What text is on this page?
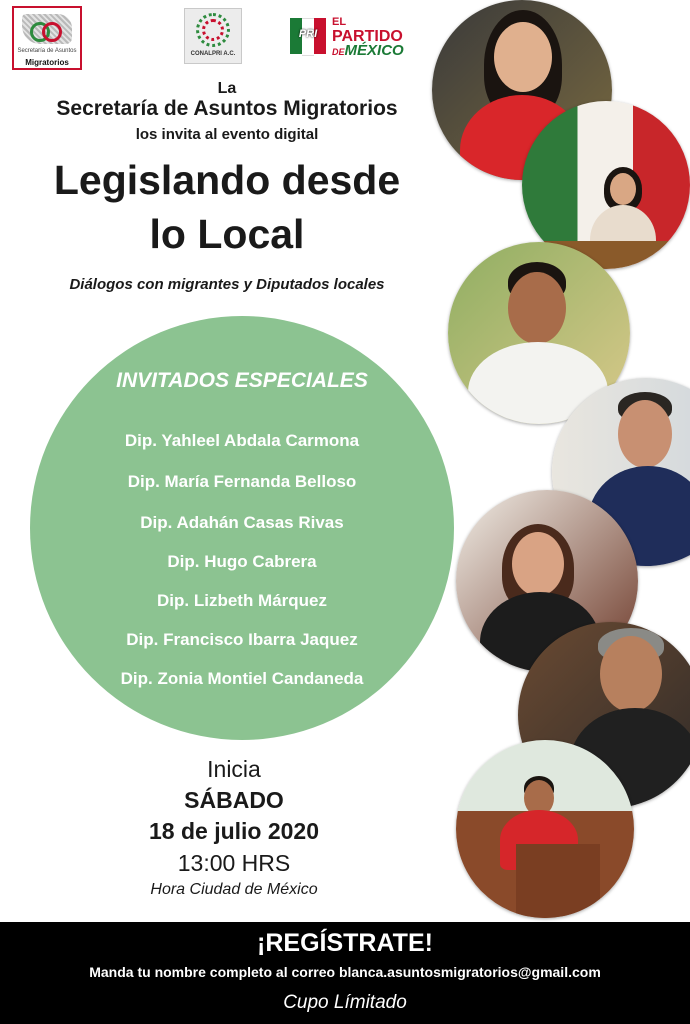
Secretaría de Asuntos
Migratorios
CONALPRI A.C.
PRI
EL
PARTIDO
DEMÉXICO
La
Secretaría de Asuntos Migratorios
los invita al evento digital
Legislando desde
lo Local
Diálogos con migrantes y Diputados locales
INVITADOS ESPECIALES
Dip. Yahleel Abdala Carmona
Dip. María Fernanda Belloso
Dip. Adahán Casas Rivas
Dip. Hugo Cabrera
Dip. Lizbeth Márquez
Dip. Francisco Ibarra Jaquez
Dip. Zonia Montiel Candaneda
Inicia
SÁBADO
18 de julio 2020
13:00 HRS
Hora Ciudad de México
¡REGÍSTRATE!
Manda tu nombre completo al correo blanca.asuntosmigratorios@gmail.com
Cupo Límitado
